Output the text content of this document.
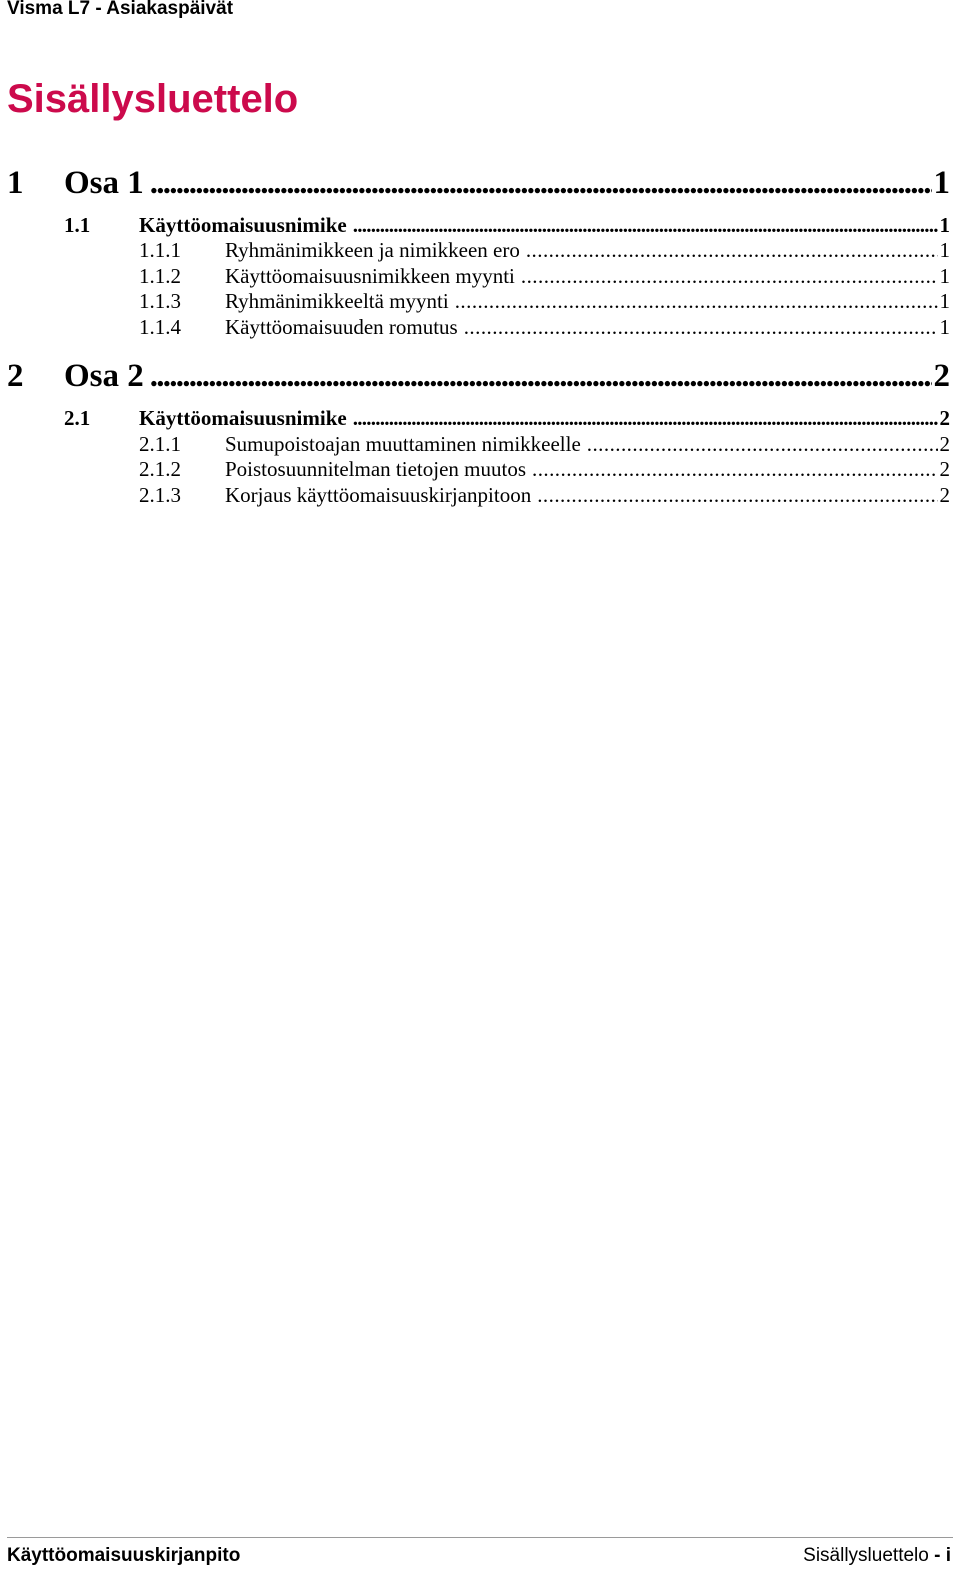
Visma L7 - Asiakaspäivät
Sisällysluettelo
1 Osa 1 . . .	1
1.1 Käyttöomaisuusnimike . . .	1
1.1.1 Ryhmänimikkeen ja nimikkeen ero . . .	1
1.1.2 Käyttöomaisuusnimikkeen myynti . . .	1
1.1.3 Ryhmänimikkeeltä myynti . . .	1
1.1.4 Käyttöomaisuuden romutus . . .	1
2 Osa 2 . . .	2
2.1 Käyttöomaisuusnimike . . .	2
2.1.1 Sumupoistoajan muuttaminen nimikkeelle . . .	2
2.1.2 Poistosuunnitelman tietojen muutos . . .	2
2.1.3 Korjaus käyttöomaisuuskirjanpitoon . . .	2
Käyttöomaisuuskirjanpito	Sisällysluettelo - i
